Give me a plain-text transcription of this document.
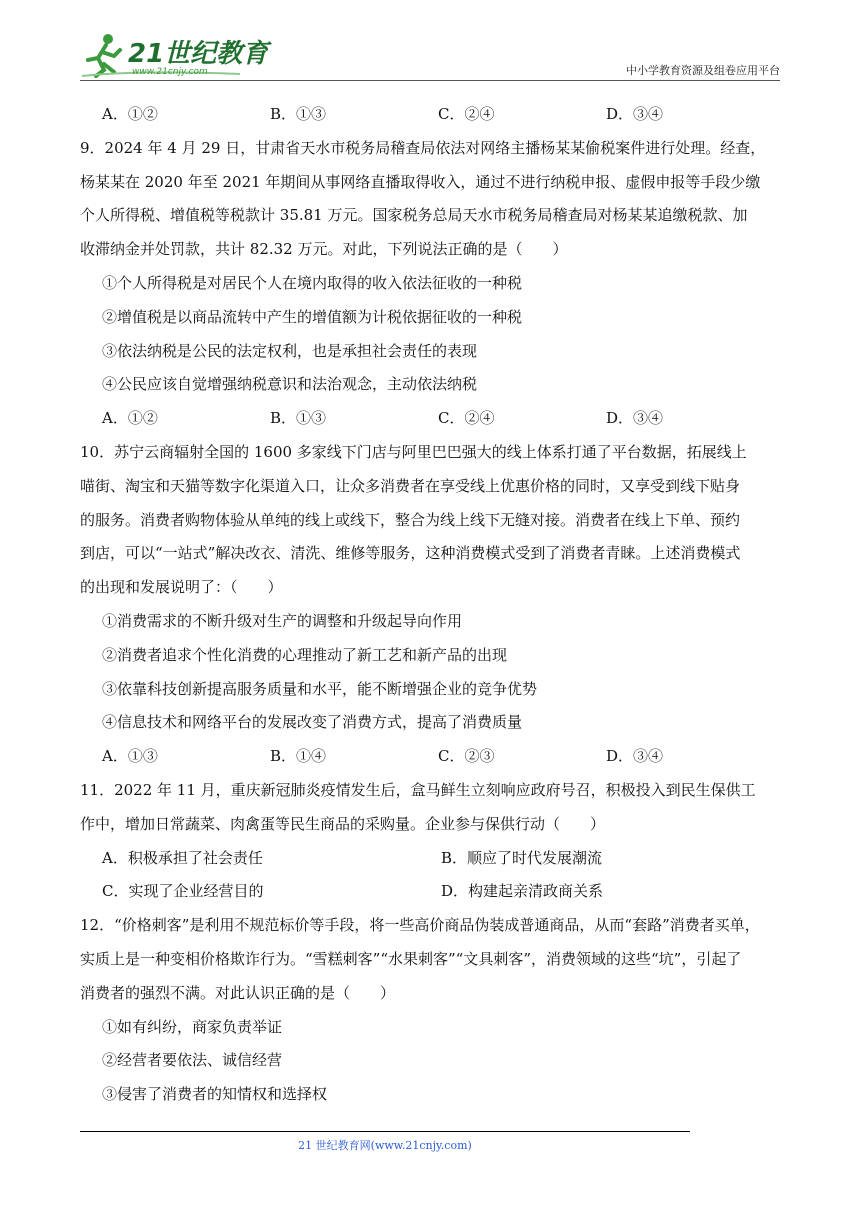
21世纪教育
www.21cnjy.com	中小学教育资源及组卷应用平台
A．①②	B．①③	C．②④	D．③④
9．2024 年 4 月 29 日，甘肃省天水市税务局稽查局依法对网络主播杨某某偷税案件进行处理。经查，
杨某某在 2020 年至 2021 年期间从事网络直播取得收入，通过不进行纳税申报、虚假申报等手段少缴
个人所得税、增值税等税款计 35.81 万元。国家税务总局天水市税务局稽查局对杨某某追缴税款、加
收滞纳金并处罚款，共计 82.32 万元。对此，下列说法正确的是（　　）
①个人所得税是对居民个人在境内取得的收入依法征收的一种税
②增值税是以商品流转中产生的增值额为计税依据征收的一种税
③依法纳税是公民的法定权利，也是承担社会责任的表现
④公民应该自觉增强纳税意识和法治观念，主动依法纳税
A．①②	B．①③	C．②④	D．③④
10．苏宁云商辐射全国的 1600 多家线下门店与阿里巴巴强大的线上体系打通了平台数据，拓展线上
喵街、淘宝和天猫等数字化渠道入口，让众多消费者在享受线上优惠价格的同时，又享受到线下贴身
的服务。消费者购物体验从单纯的线上或线下，整合为线上线下无缝对接。消费者在线上下单、预约
到店，可以“一站式”解决改衣、清洗、维修等服务，这种消费模式受到了消费者青睐。上述消费模式
的出现和发展说明了：（　　）
①消费需求的不断升级对生产的调整和升级起导向作用
②消费者追求个性化消费的心理推动了新工艺和新产品的出现
③依靠科技创新提高服务质量和水平，能不断增强企业的竞争优势
④信息技术和网络平台的发展改变了消费方式，提高了消费质量
A．①③	B．①④	C．②③	D．③④
11．2022 年 11 月，重庆新冠肺炎疫情发生后，盒马鲜生立刻响应政府号召，积极投入到民生保供工
作中，增加日常蔬菜、肉禽蛋等民生商品的采购量。企业参与保供行动（　　）
A．积极承担了社会责任	B．顺应了时代发展潮流
C．实现了企业经营目的	D．构建起亲清政商关系
12．“价格刺客”是利用不规范标价等手段，将一些高价商品伪装成普通商品，从而“套路”消费者买单，
实质上是一种变相价格欺诈行为。“雪糕刺客”“水果刺客”“文具刺客”，消费领域的这些“坑”，引起了
消费者的强烈不满。对此认识正确的是（　　）
①如有纠纷，商家负责举证
②经营者要依法、诚信经营
③侵害了消费者的知情权和选择权
21 世纪教育网(www.21cnjy.com)
